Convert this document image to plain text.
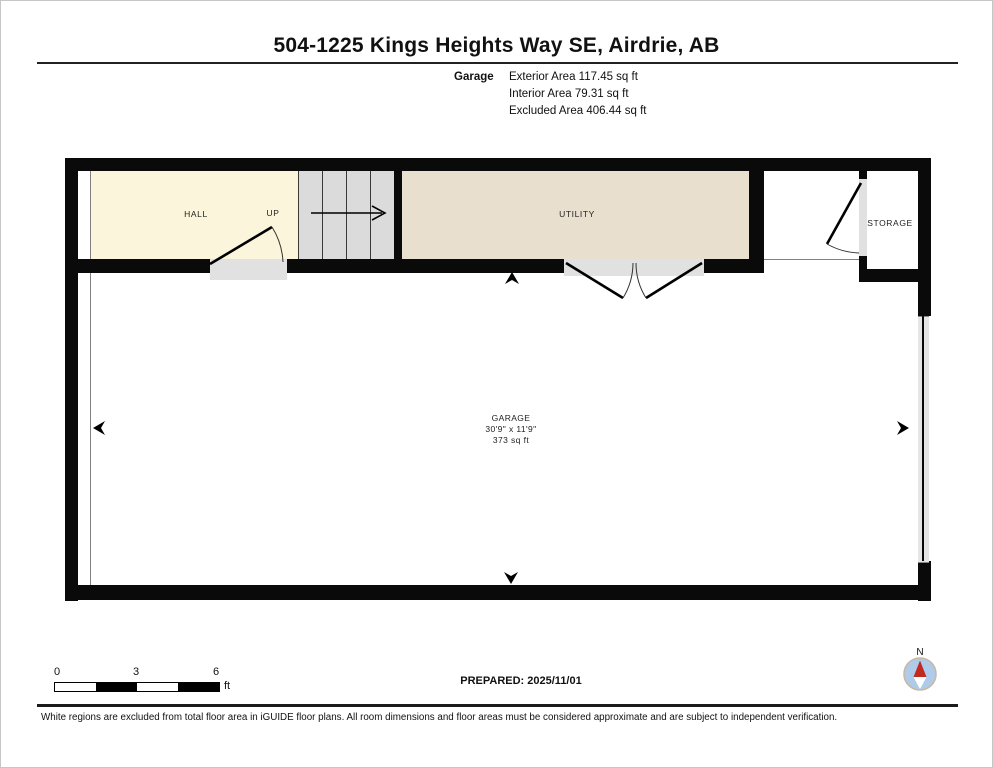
504-1225 Kings Heights Way SE, Airdrie, AB
Garage	Exterior Area 117.45 sq ft
Interior Area 79.31 sq ft
Excluded Area 406.44 sq ft
HALL	UP	UTILITY
STORAGE
GARAGE
30'9" x 11'9"
373 sq ft
0	3	6
ft	PREPARED: 2025/11/01
N
White regions are excluded from total floor area in iGUIDE floor plans. All room dimensions and floor areas must be considered approximate and are subject to independent verification.
